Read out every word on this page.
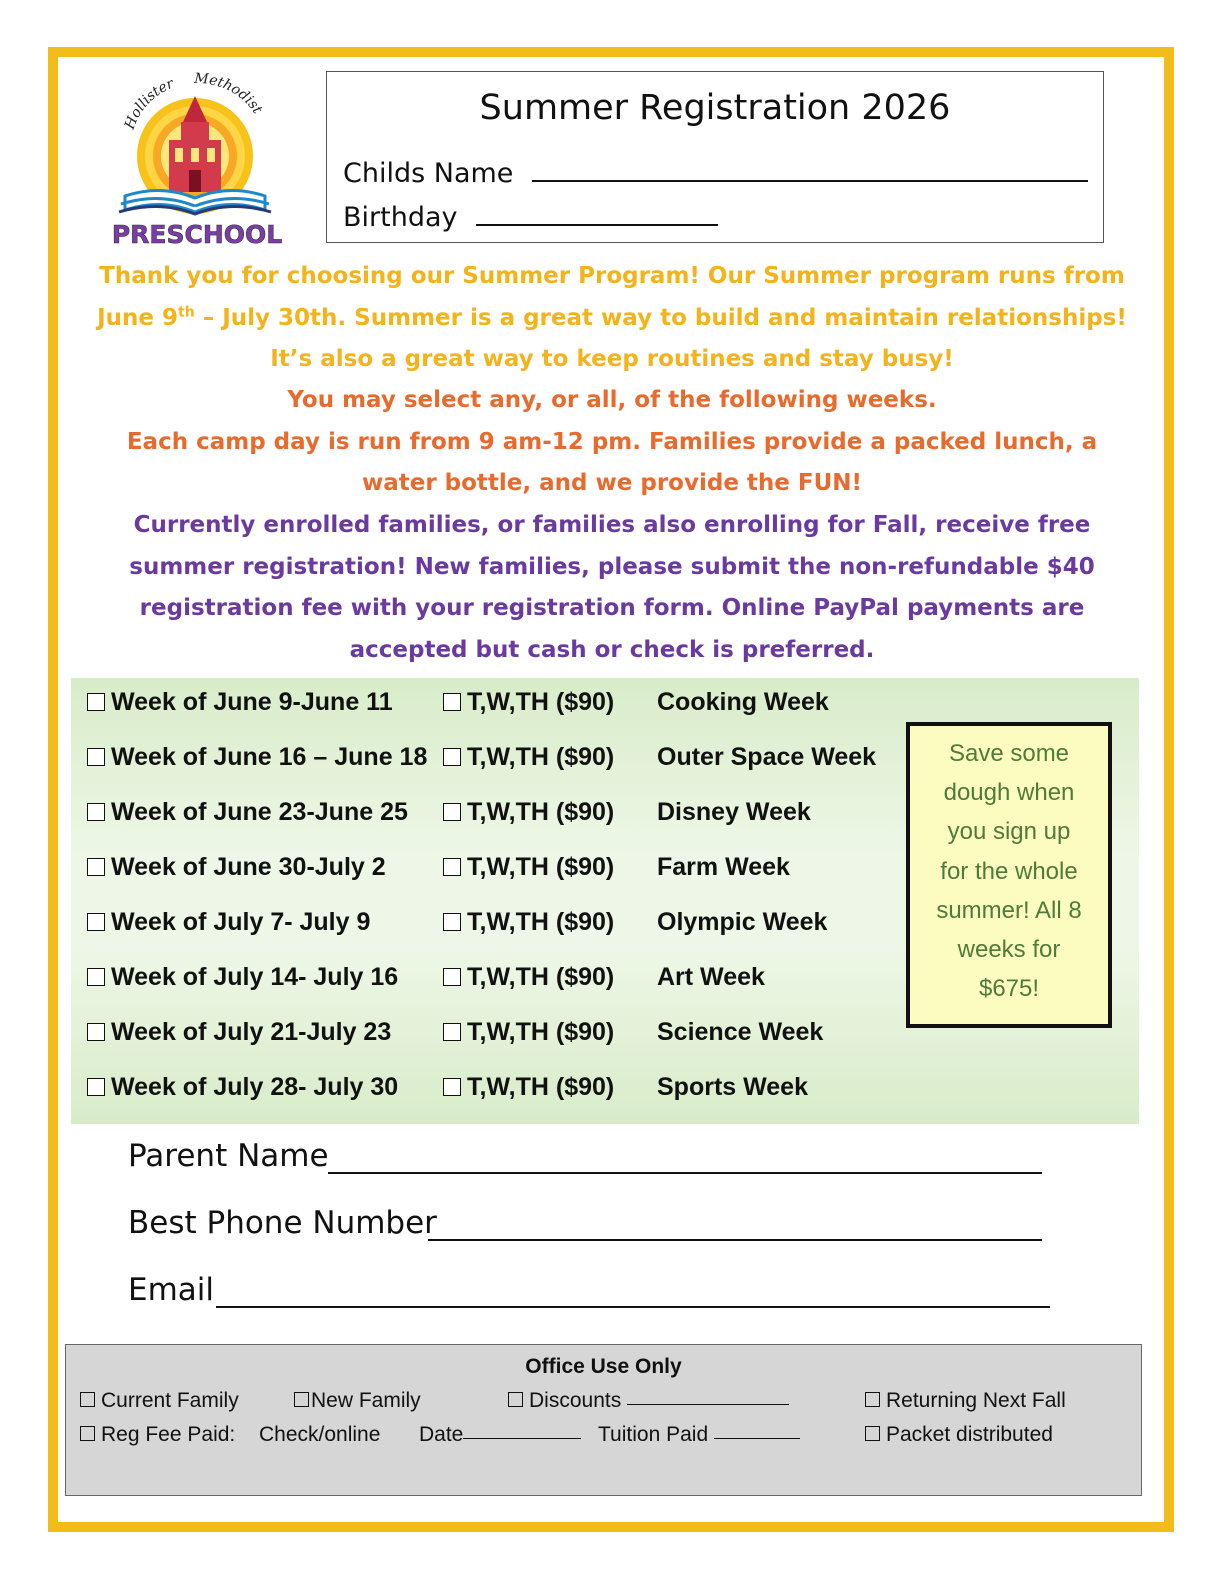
Hollister Methodist
PRESCHOOL
Summer Registration 2026
Childs Name
Birthday
Thank you for choosing our Summer Program! Our Summer program runs from
June 9th – July 30th. Summer is a great way to build and maintain relationships!
It’s also a great way to keep routines and stay busy!
You may select any, or all, of the following weeks.
Each camp day is run from 9 am-12 pm. Families provide a packed lunch, a
water bottle, and we provide the FUN!
Currently enrolled families, or families also enrolling for Fall, receive free
summer registration! New families, please submit the non-refundable $40
registration fee with your registration form. Online PayPal payments are
accepted but cash or check is preferred.
Week of June 9-June 11	T,W,TH ($90) Cooking Week
Week of June 16 – June 18	T,W,TH ($90) Outer Space Week
Week of June 23-June 25	T,W,TH ($90) Disney Week
Week of June 30-July 2	T,W,TH ($90) Farm Week
Week of July 7- July 9	T,W,TH ($90) Olympic Week
Week of July 14- July 16	T,W,TH ($90) Art Week
Week of July 21-July 23	T,W,TH ($90) Science Week
Week of July 28- July 30	T,W,TH ($90) Sports Week
Save some
dough when
you sign up
for the whole
summer! All 8
weeks for
$675!
Parent Name
Best Phone Number
Email
Office Use Only
Current Family	New Family	Discounts	Returning Next Fall
Reg Fee Paid: Check/online Date	Tuition Paid	Packet distributed
